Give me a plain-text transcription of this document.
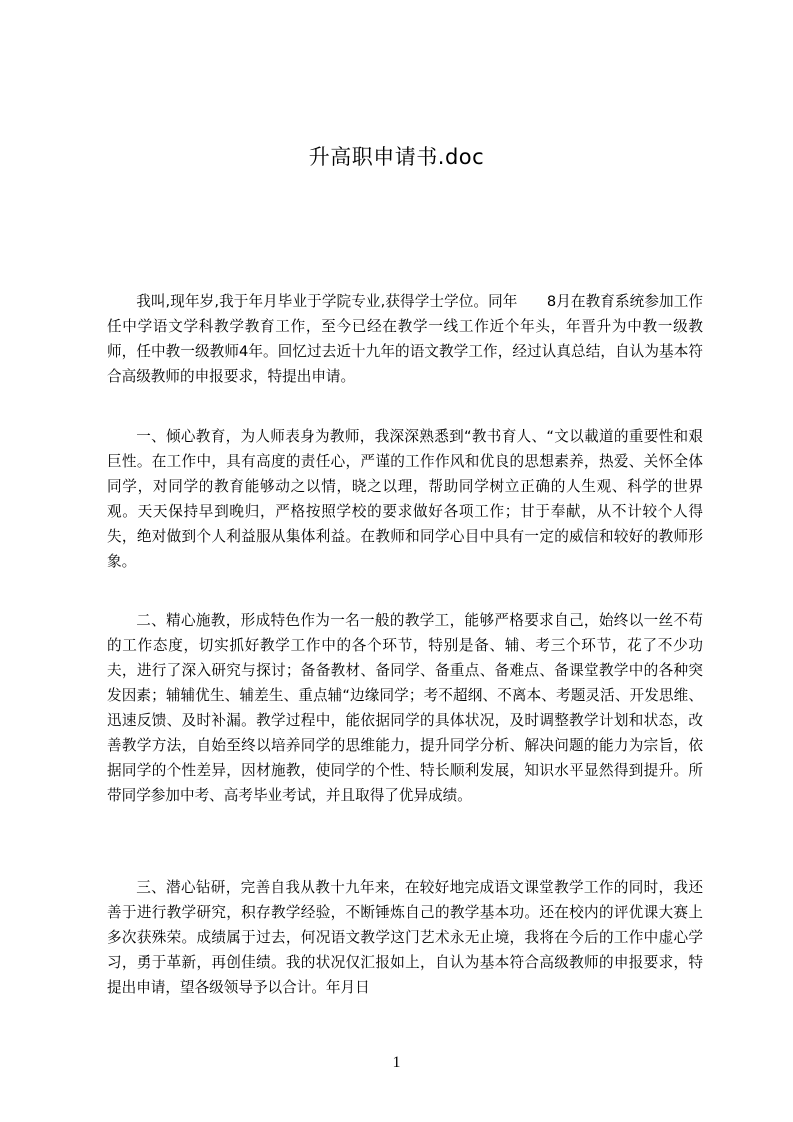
升高职申请书.doc

我叫,现年岁,我于年月毕业于学院专业,获得学士学位。同年　　8月在教育系统参加工作任中学语文学科教学教育工作，至今已经在教学一线工作近个年头，年晋升为中教一级教师，任中教一级教师4年。回忆过去近十九年的语文教学工作，经过认真总结，自认为基本符合高级教师的申报要求，特提出申请。

一、倾心教育，为人师表身为教师，我深深熟悉到“教书育人、“文以載道的重要性和艰巨性。在工作中，具有高度的责任心，严谨的工作作风和优良的思想素养，热爱、关怀全体同学，对同学的教育能够动之以情，晓之以理，帮助同学树立正确的人生观、科学的世界观。天天保持早到晚归，严格按照学校的要求做好各项工作；甘于奉献，从不计较个人得失，绝对做到个人利益服从集体利益。在教师和同学心目中具有一定的威信和较好的教师形象。

二、精心施教，形成特色作为一名一般的教学工，能够严格要求自己，始终以一丝不苟的工作态度，切实抓好教学工作中的各个环节，特别是备、辅、考三个环节，花了不少功夫，进行了深入研究与探讨；备备教材、备同学、备重点、备难点、备课堂教学中的各种突发因素；辅辅优生、辅差生、重点辅“边缘同学；考不超纲、不离本、考题灵活、开发思维、迅速反馈、及时补漏。教学过程中，能依据同学的具体状况，及时调整教学计划和状态，改善教学方法，自始至终以培养同学的思维能力，提升同学分析、解决问题的能力为宗旨，依据同学的个性差异，因材施教，使同学的个性、特长顺利发展，知识水平显然得到提升。所带同学参加中考、高考毕业考试，并且取得了优异成绩。

三、潜心钻研，完善自我从教十九年来，在较好地完成语文课堂教学工作的同时，我还善于进行教学研究，积存教学经验，不断锤炼自己的教学基本功。还在校内的评优课大赛上多次获殊荣。成绩属于过去，何况语文教学这门艺术永无止境，我将在今后的工作中虚心学习，勇于革新，再创佳绩。我的状况仅汇报如上，自认为基本符合高级教师的申报要求，特提出申请，望各级领导予以合计。年月日

1
